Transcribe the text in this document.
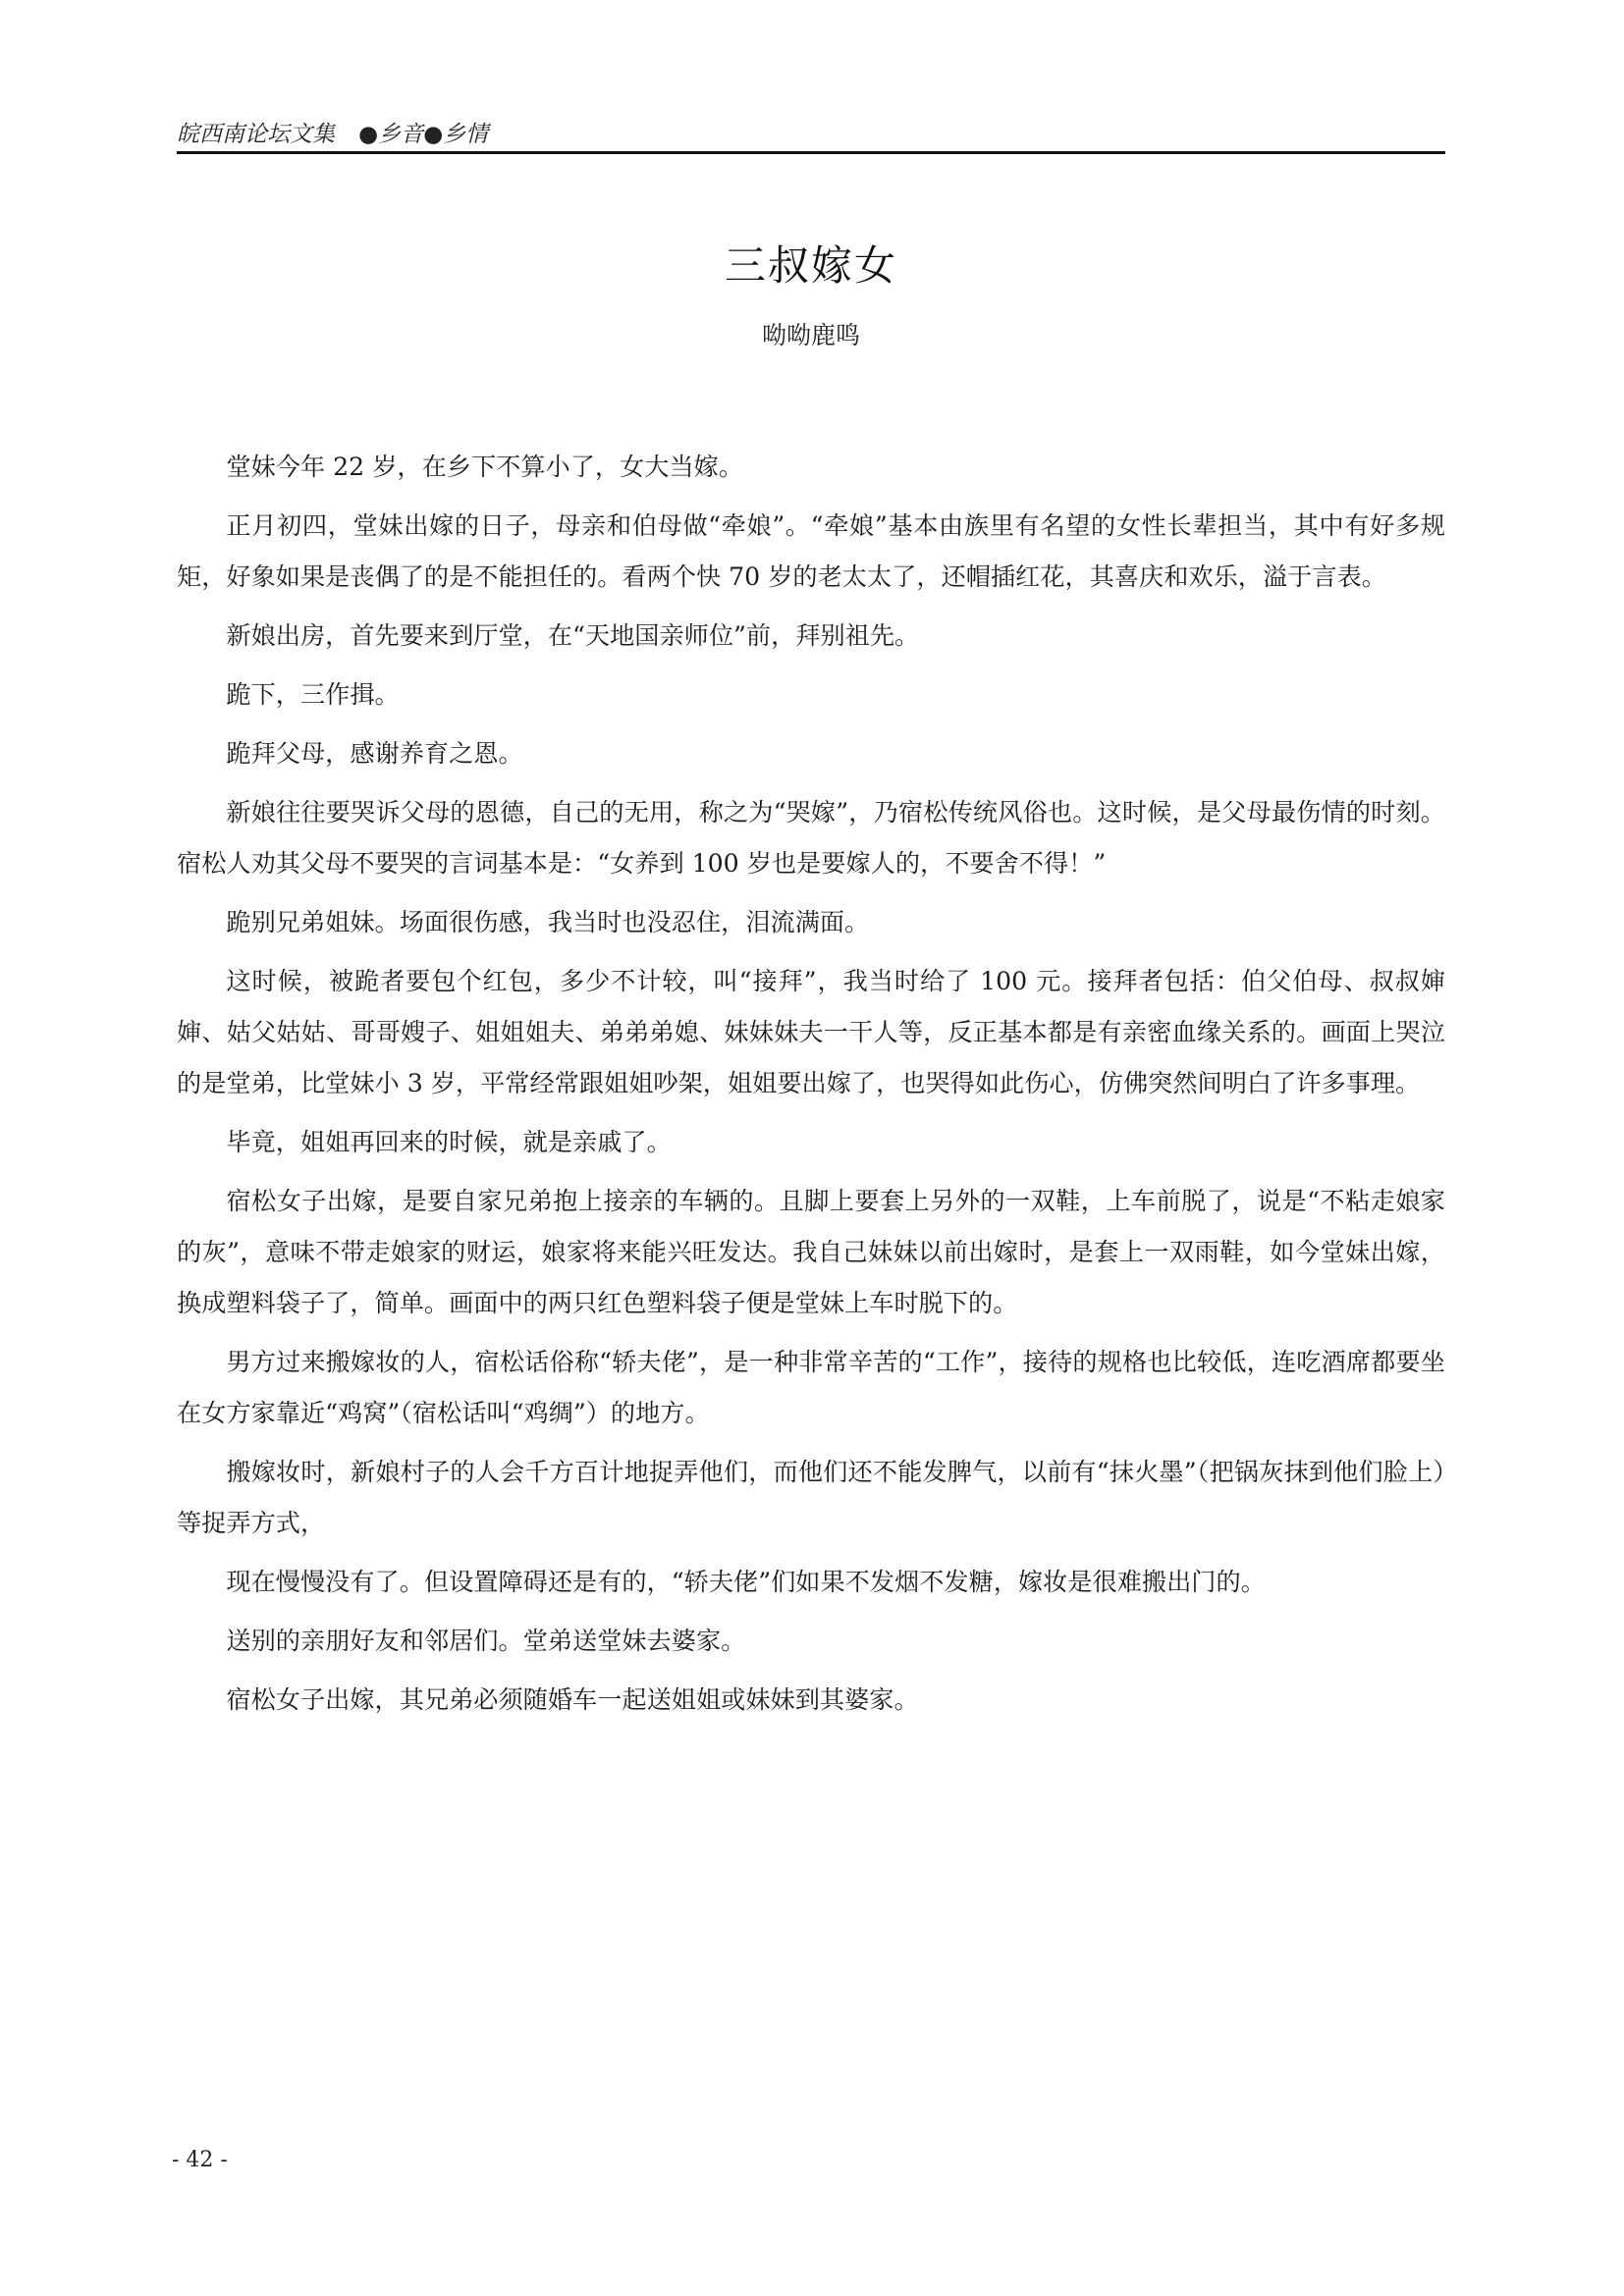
皖西南论坛文集 ●乡音●乡情
三叔嫁女
呦呦鹿鸣

堂妹今年 22 岁，在乡下不算小了，女大当嫁。

正月初四，堂妹出嫁的日子，母亲和伯母做“牵娘”。“牵娘”基本由族里有名望的女性长辈担当，其中有好多规矩，好象如果是丧偶了的是不能担任的。看两个快 70 岁的老太太了，还帽插红花，其喜庆和欢乐，溢于言表。

新娘出房，首先要来到厅堂，在“天地国亲师位”前，拜别祖先。

跪下，三作揖。

跪拜父母，感谢养育之恩。

新娘往往要哭诉父母的恩德，自己的无用，称之为“哭嫁”，乃宿松传统风俗也。这时候，是父母最伤情的时刻。宿松人劝其父母不要哭的言词基本是：“女养到 100 岁也是要嫁人的，不要舍不得！”

跪别兄弟姐妹。场面很伤感，我当时也没忍住，泪流满面。

这时候，被跪者要包个红包，多少不计较，叫“接拜”，我当时给了 100 元。接拜者包括：伯父伯母、叔叔婶婶、姑父姑姑、哥哥嫂子、姐姐姐夫、弟弟弟媳、妹妹妹夫一干人等，反正基本都是有亲密血缘关系的。画面上哭泣的是堂弟，比堂妹小 3 岁，平常经常跟姐姐吵架，姐姐要出嫁了，也哭得如此伤心，仿佛突然间明白了许多事理。

毕竟，姐姐再回来的时候，就是亲戚了。

宿松女子出嫁，是要自家兄弟抱上接亲的车辆的。且脚上要套上另外的一双鞋，上车前脱了，说是“不粘走娘家的灰”，意味不带走娘家的财运，娘家将来能兴旺发达。我自己妹妹以前出嫁时，是套上一双雨鞋，如今堂妹出嫁，换成塑料袋子了，简单。画面中的两只红色塑料袋子便是堂妹上车时脱下的。

男方过来搬嫁妆的人，宿松话俗称“轿夫佬”，是一种非常辛苦的“工作”，接待的规格也比较低，连吃酒席都要坐在女方家靠近“鸡窝”（宿松话叫“鸡绸”）的地方。

搬嫁妆时，新娘村子的人会千方百计地捉弄他们，而他们还不能发脾气，以前有“抹火墨”（把锅灰抹到他们脸上）等捉弄方式，

现在慢慢没有了。但设置障碍还是有的，“轿夫佬”们如果不发烟不发糖，嫁妆是很难搬出门的。

送别的亲朋好友和邻居们。堂弟送堂妹去婆家。

宿松女子出嫁，其兄弟必须随婚车一起送姐姐或妹妹到其婆家。

- 42 -
